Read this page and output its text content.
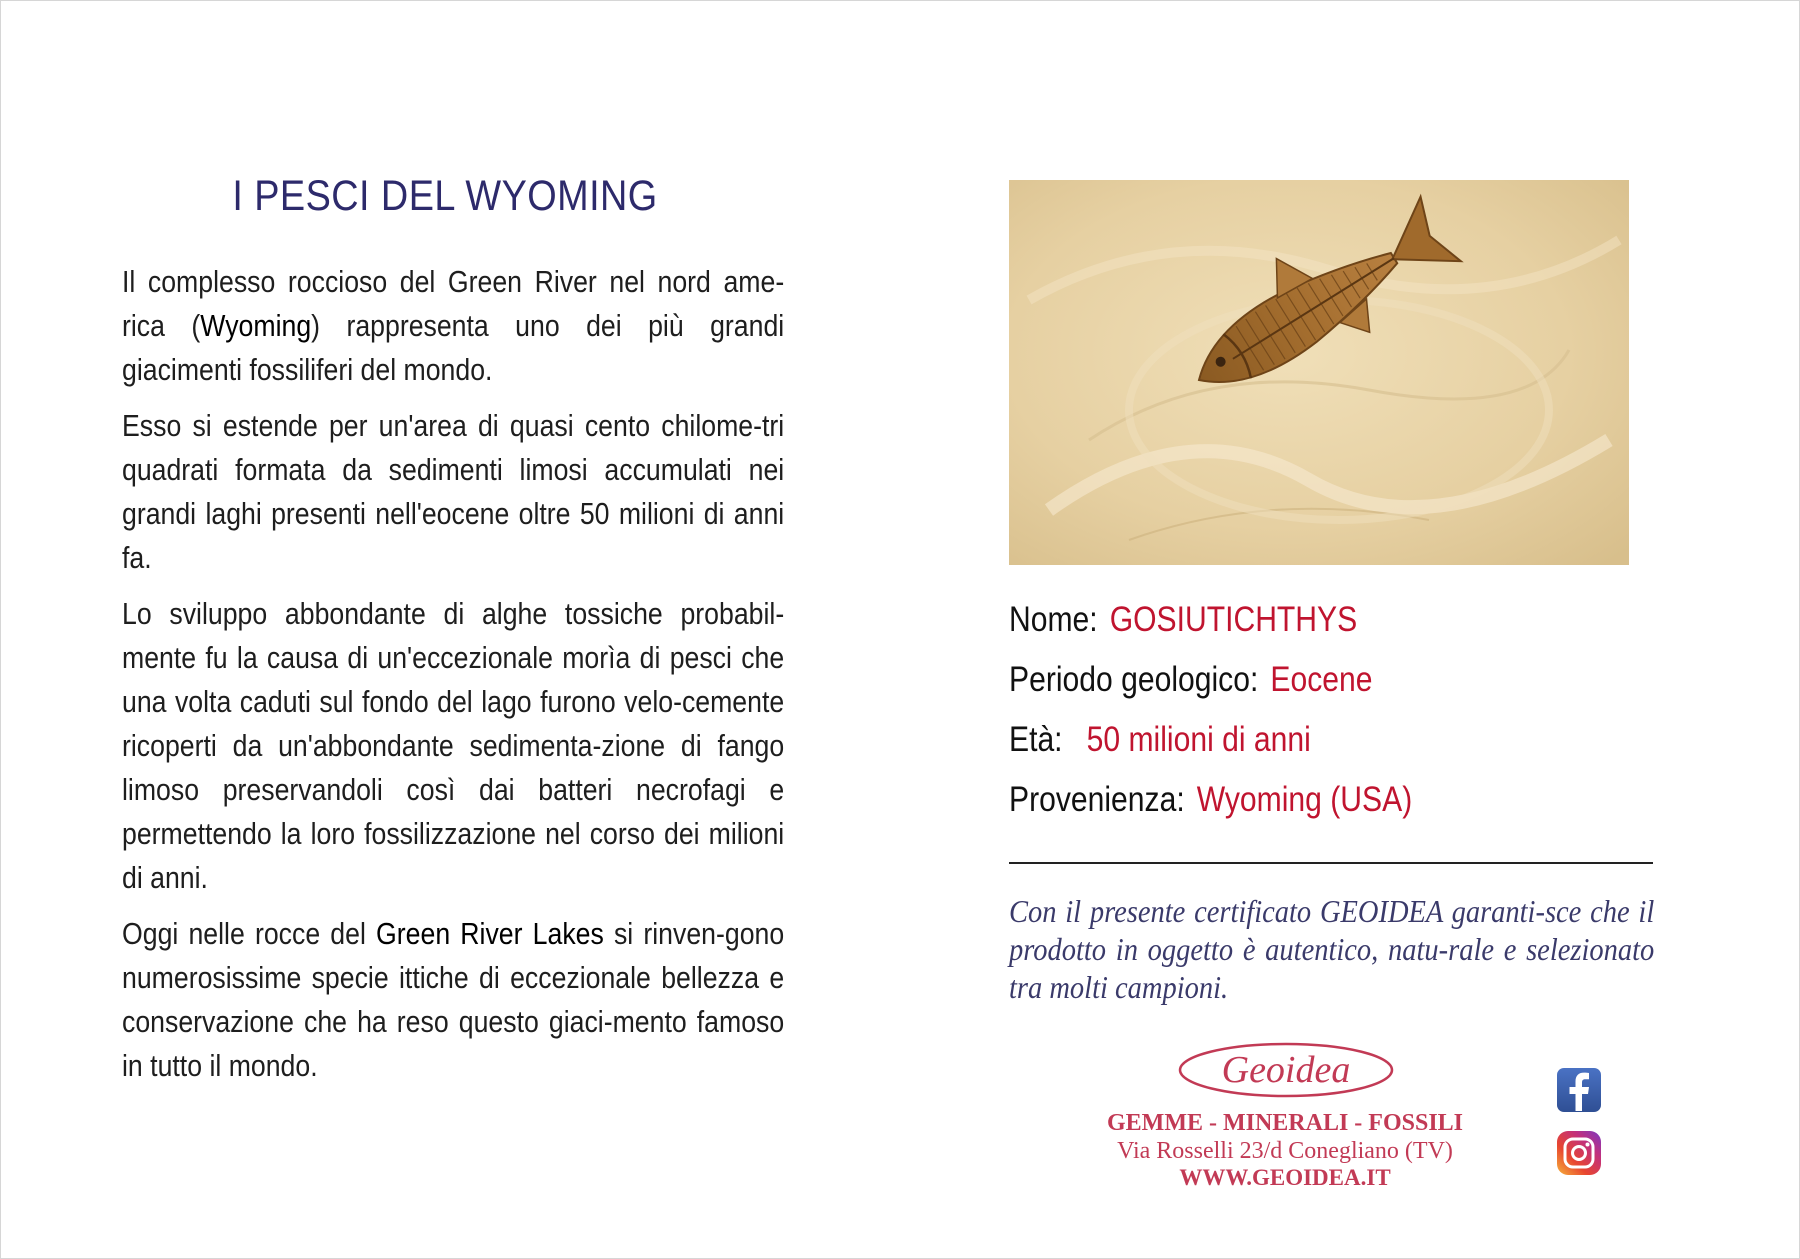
I PESCI DEL WYOMING

Il complesso roccioso del Green River nel nord ame-rica (Wyoming) rappresenta uno dei più grandi giacimenti fossiliferi del mondo.

Esso si estende per un'area di quasi cento chilome-tri quadrati formata da sedimenti limosi accumulati nei grandi laghi presenti nell'eocene oltre 50 milioni di anni fa.

Lo sviluppo abbondante di alghe tossiche probabil-mente fu la causa di un'eccezionale morìa di pesci che una volta caduti sul fondo del lago furono velo-cemente ricoperti da un'abbondante sedimenta-zione di fango limoso preservandoli così dai batteri necrofagi e permettendo la loro fossilizzazione nel corso dei milioni di anni.

Oggi nelle rocce del Green River Lakes si rinven-gono numerosissime specie ittiche di eccezionale bellezza e conservazione che ha reso questo giaci-mento famoso in tutto il mondo.

Nome: GOSIUTICHTHYS
Periodo geologico: Eocene
Età: 50 milioni di anni
Provenienza: Wyoming (USA)
Con il presente certificato GEOIDEA garanti-sce che il prodotto in oggetto è autentico, natu-rale e selezionato tra molti campioni.
Geoidea
GEMME - MINERALI - FOSSILI
Via Rosselli 23/d Conegliano (TV)
WWW.GEOIDEA.IT
